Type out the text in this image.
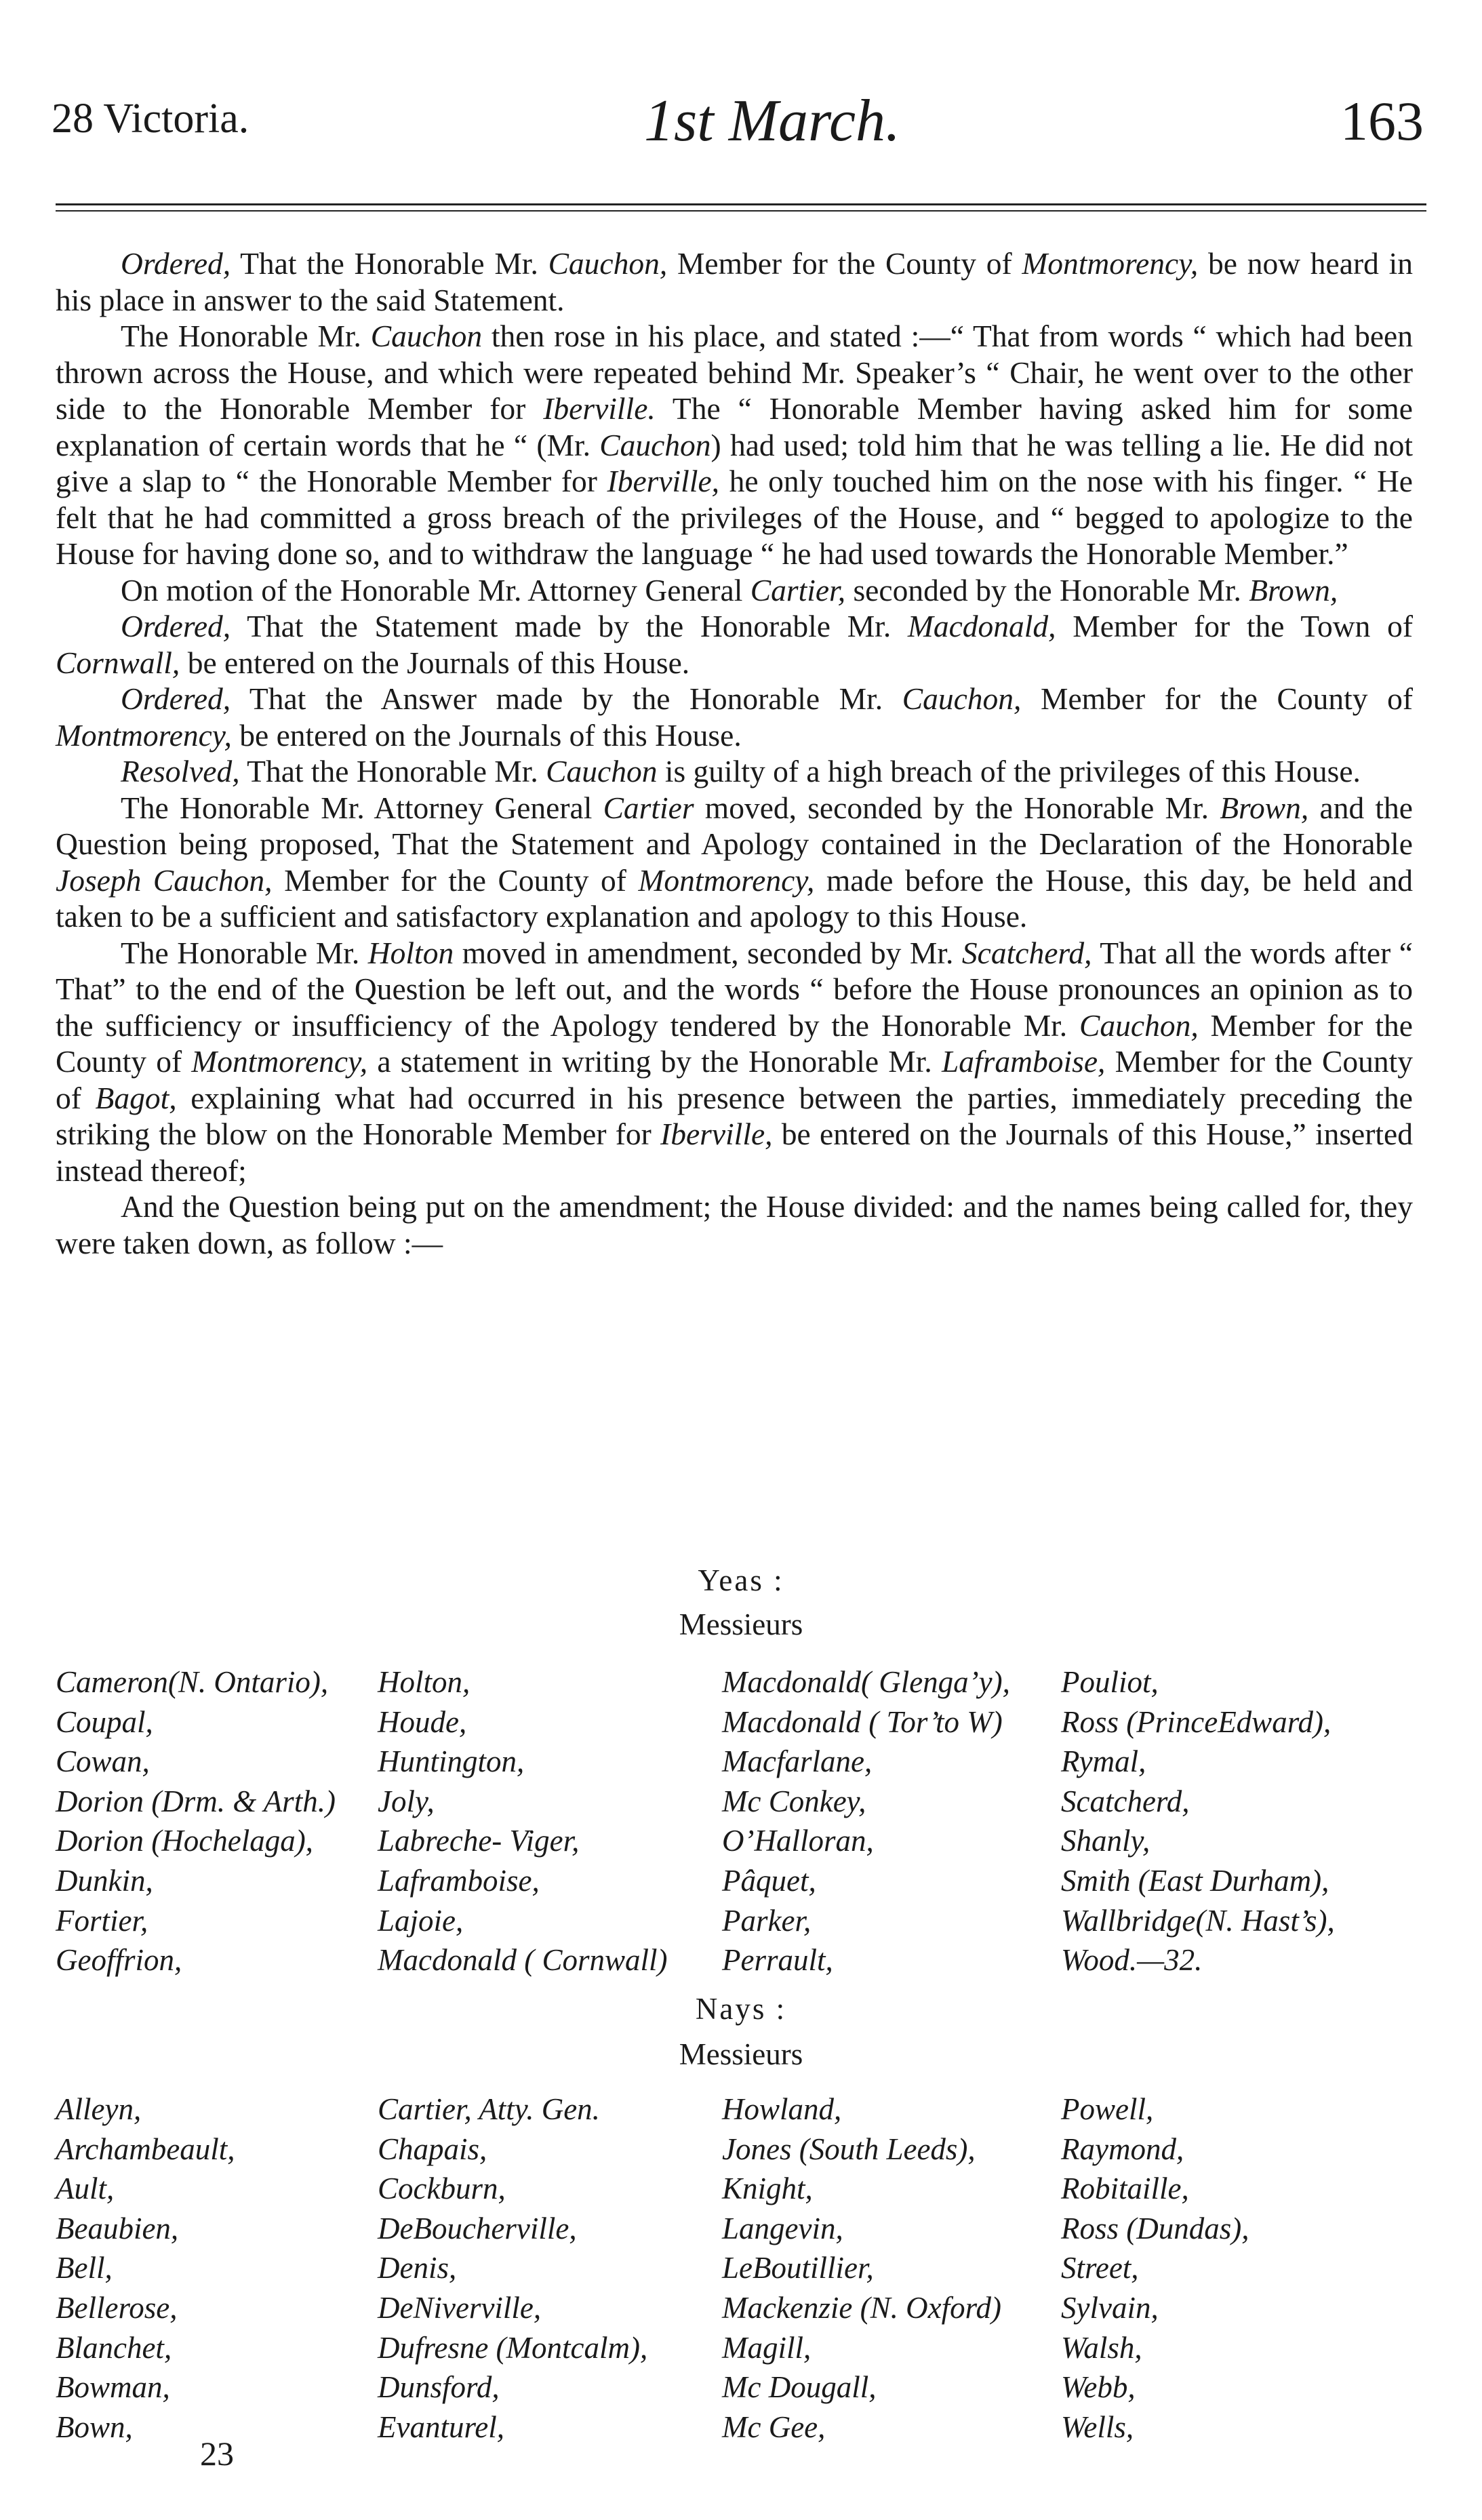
28 Victoria.	1st March.	163

Ordered, That the Honorable Mr. Cauchon, Member for the County of Montmorency, be now heard in his place in answer to the said Statement.

The Honorable Mr. Cauchon then rose in his place, and stated :—“ That from words “ which had been thrown across the House, and which were repeated behind Mr. Speaker’s “ Chair, he went over to the other side to the Honorable Member for Iberville. The “ Honorable Member having asked him for some explanation of certain words that he “ (Mr. Cauchon) had used; told him that he was telling a lie. He did not give a slap to “ the Honorable Member for Iberville, he only touched him on the nose with his finger. “ He felt that he had committed a gross breach of the privileges of the House, and “ begged to apologize to the House for having done so, and to withdraw the language “ he had used towards the Honorable Member.”

On motion of the Honorable Mr. Attorney General Cartier, seconded by the Honorable Mr. Brown,

Ordered, That the Statement made by the Honorable Mr. Macdonald, Member for the Town of Cornwall, be entered on the Journals of this House.

Ordered, That the Answer made by the Honorable Mr. Cauchon, Member for the County of Montmorency, be entered on the Journals of this House.

Resolved, That the Honorable Mr. Cauchon is guilty of a high breach of the privileges of this House.

The Honorable Mr. Attorney General Cartier moved, seconded by the Honorable Mr. Brown, and the Question being proposed, That the Statement and Apology contained in the Declaration of the Honorable Joseph Cauchon, Member for the County of Montmorency, made before the House, this day, be held and taken to be a sufficient and satisfactory explanation and apology to this House.

The Honorable Mr. Holton moved in amendment, seconded by Mr. Scatcherd, That all the words after “ That” to the end of the Question be left out, and the words “ before the House pronounces an opinion as to the sufficiency or insufficiency of the Apology tendered by the Honorable Mr. Cauchon, Member for the County of Montmorency, a statement in writing by the Honorable Mr. Laframboise, Member for the County of Bagot, explaining what had occurred in his presence between the parties, immediately preceding the striking the blow on the Honorable Member for Iberville, be entered on the Journals of this House,” inserted instead thereof;

And the Question being put on the amendment; the House divided: and the names being called for, they were taken down, as follow :—

Yeas :
Messieurs
Cameron(N. Ontario),	Holton,	Macdonald( Glenga’y),	Pouliot,
Coupal,	Houde,	Macdonald ( Tor’to W)	Ross (PrinceEdward),
Cowan,	Huntington,	Macfarlane,	Rymal,
Dorion (Drm. & Arth.)	Joly,	Mc Conkey,	Scatcherd,
Dorion (Hochelaga),	Labreche- Viger,	O’Halloran,	Shanly,
Dunkin,	Laframboise,	Pâquet,	Smith (East Durham),
Fortier,	Lajoie,	Parker,	Wallbridge(N. Hast’s),
Geoffrion,	Macdonald ( Cornwall)	Perrault,	Wood.—32.
Nays :
Messieurs
Alleyn,	Cartier, Atty. Gen.	Howland,	Powell,
Archambeault,	Chapais,	Jones (South Leeds),	Raymond,
Ault,	Cockburn,	Knight,	Robitaille,
Beaubien,	DeBoucherville,	Langevin,	Ross (Dundas),
Bell,	Denis,	LeBoutillier,	Street,
Bellerose,	DeNiverville,	Mackenzie (N. Oxford)	Sylvain,
Blanchet,	Dufresne (Montcalm),	Magill,	Walsh,
Bowman,	Dunsford,	Mc Dougall,	Webb,
Bown,	Evanturel,	Mc Gee,	Wells,
23
